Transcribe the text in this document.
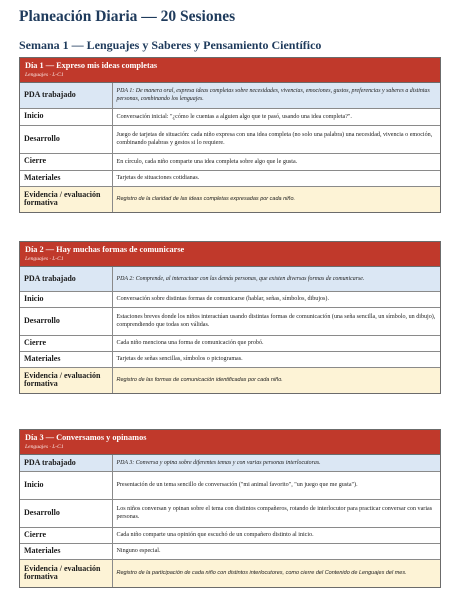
Planeación Diaria — 20 Sesiones
Semana 1 — Lenguajes y Saberes y Pensamiento Científico
Día 1 — Expreso mis ideas completas
Lenguajes · L-C1
PDA trabajado	PDA 1: De manera oral, expresa ideas completas sobre necesidades, vivencias, emociones, gustos, preferencias y saberes a distintas personas, combinando los lenguajes.
Inicio	Conversación inicial: "¿cómo le cuentas a alguien algo que te pasó, usando una idea completa?".
Desarrollo	Juego de tarjetas de situación: cada niño expresa con una idea completa (no solo una palabra) una necesidad, vivencia o emoción, combinando palabras y gestos si lo requiere.
Cierre	En círculo, cada niño comparte una idea completa sobre algo que le gusta.
Materiales	Tarjetas de situaciones cotidianas.
Evidencia / evaluación formativa	Registro de la claridad de las ideas completas expresadas por cada niño.
Día 2 — Hay muchas formas de comunicarse
Lenguajes · L-C1
PDA trabajado	PDA 2: Comprende, al interactuar con las demás personas, que existen diversas formas de comunicarse.
Inicio	Conversación sobre distintas formas de comunicarse (hablar, señas, símbolos, dibujos).
Desarrollo	Estaciones breves donde los niños interactúan usando distintas formas de comunicación (una seña sencilla, un símbolo, un dibujo), comprendiendo que todas son válidas.
Cierre	Cada niño menciona una forma de comunicación que probó.
Materiales	Tarjetas de señas sencillas, símbolos o pictogramas.
Evidencia / evaluación formativa	Registro de las formas de comunicación identificadas por cada niño.
Día 3 — Conversamos y opinamos
Lenguajes · L-C1
PDA trabajado	PDA 3: Conversa y opina sobre diferentes temas y con varias personas interlocutoras.
Inicio	Presentación de un tema sencillo de conversación ("mi animal favorito", "un juego que me gusta").
Desarrollo	Los niños conversan y opinan sobre el tema con distintos compañeros, rotando de interlocutor para practicar conversar con varias personas.
Cierre	Cada niño comparte una opinión que escuchó de un compañero distinto al inicio.
Materiales	Ninguno especial.
Evidencia / evaluación formativa	Registro de la participación de cada niño con distintos interlocutores, como cierre del Contenido de Lenguajes del mes.
